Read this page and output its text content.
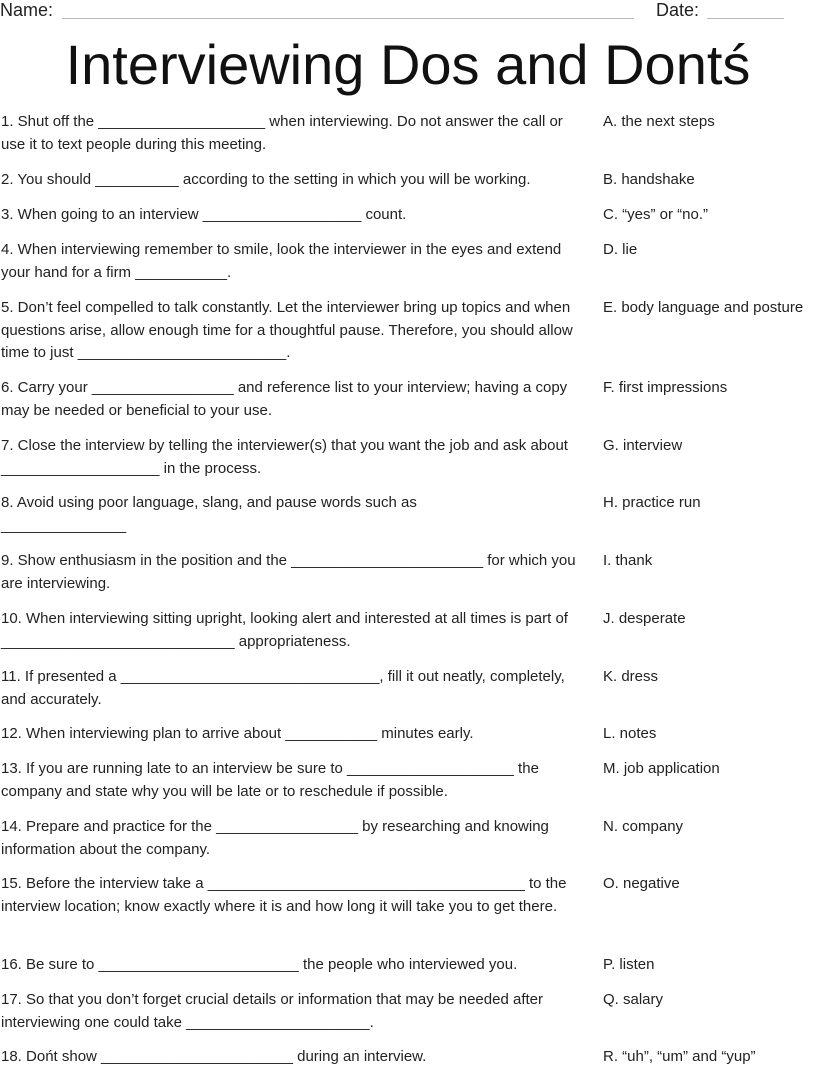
Name:	Date:
Interviewing Dos and Dontś
1. Shut off the ____________________ when interviewing. Do not answer the call or use it to text people during this meeting.
2. You should __________ according to the setting in which you will be working.
3. When going to an interview ___________________ count.
4. When interviewing remember to smile, look the interviewer in the eyes and extend your hand for a firm ___________.
5. Don’t feel compelled to talk constantly. Let the interviewer bring up topics and when questions arise, allow enough time for a thoughtful pause. Therefore, you should allow time to just _________________________.
6. Carry your _________________ and reference list to your interview; having a copy may be needed or beneficial to your use.
7. Close the interview by telling the interviewer(s) that you want the job and ask about ___________________ in the process.
8. Avoid using poor language, slang, and pause words such as _______________
9. Show enthusiasm in the position and the _______________________ for which you are interviewing.
10. When interviewing sitting upright, looking alert and interested at all times is part of ____________________________ appropriateness.
11. If presented a _______________________________, fill it out neatly, completely, and accurately.
12. When interviewing plan to arrive about ___________ minutes early.
13. If you are running late to an interview be sure to ____________________ the company and state why you will be late or to reschedule if possible.
14. Prepare and practice for the _________________ by researching and knowing information about the company.
15. Before the interview take a ______________________________________ to the interview location; know exactly where it is and how long it will take you to get there.
16. Be sure to ________________________ the people who interviewed you.
17. So that you don’t forget crucial details or information that may be needed after interviewing one could take ______________________.
18. Dońt show _______________________ during an interview.
A. the next steps
B. handshake
C. “yes” or “no.”
D. lie
E. body language and posture
F. first impressions
G. interview
H. practice run
I. thank
J. desperate
K. dress
L. notes
M. job application
N. company
O. negative
P. listen
Q. salary
R. “uh”, “um” and “yup”
